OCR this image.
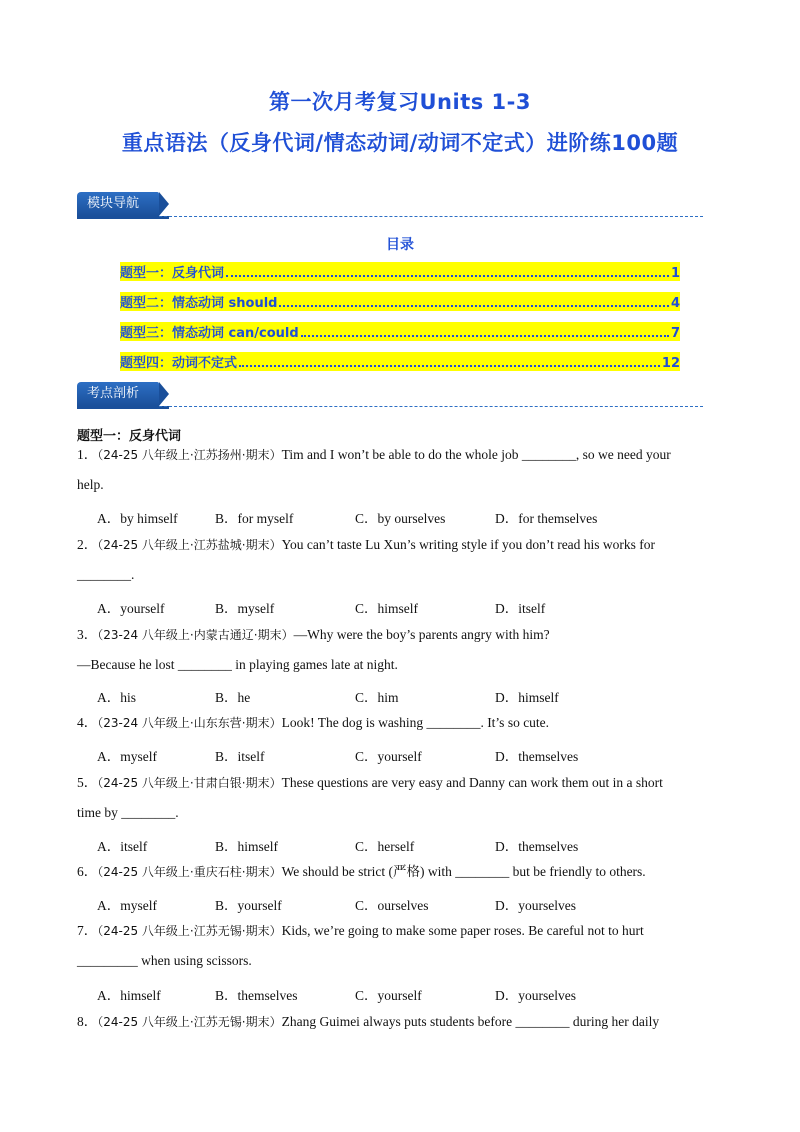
第一次月考复习Units 1-3
重点语法（反身代词/情态动词/动词不定式）进阶练100题
模块导航
目录
题型一：反身代词	1
题型二：情态动词 should	4
题型三：情态动词 can/could	7
题型四：动词不定式	12
考点剖析
题型一：反身代词
1．（24-25 八年级上·江苏扬州·期末）Tim and I won’t be able to do the whole job ________, so we need your
help.
A．by himself	B．for myself	C．by ourselves	D．for themselves
2．（24-25 八年级上·江苏盐城·期末）You can’t taste Lu Xun’s writing style if you don’t read his works for
________.
A．yourself	B．myself	C．himself	D．itself
3．（23-24 八年级上·内蒙古通辽·期末）—Why were the boy’s parents angry with him?
—Because he lost ________ in playing games late at night.
A．his	B．he	C．him	D．himself
4．（23-24 八年级上·山东东营·期末）Look! The dog is washing ________. It’s so cute.
A．myself	B．itself	C．yourself	D．themselves
5．（24-25 八年级上·甘肃白银·期末）These questions are very easy and Danny can work them out in a short
time by ________.
A．itself	B．himself	C．herself	D．themselves
6．（24-25 八年级上·重庆石柱·期末）We should be strict (严格) with ________ but be friendly to others.
A．myself	B．yourself	C．ourselves	D．yourselves
7．（24-25 八年级上·江苏无锡·期末）Kids, we’re going to make some paper roses. Be careful not to hurt
_________ when using scissors.
A．himself	B．themselves	C．yourself	D．yourselves
8．（24-25 八年级上·江苏无锡·期末）Zhang Guimei always puts students before ________ during her daily
